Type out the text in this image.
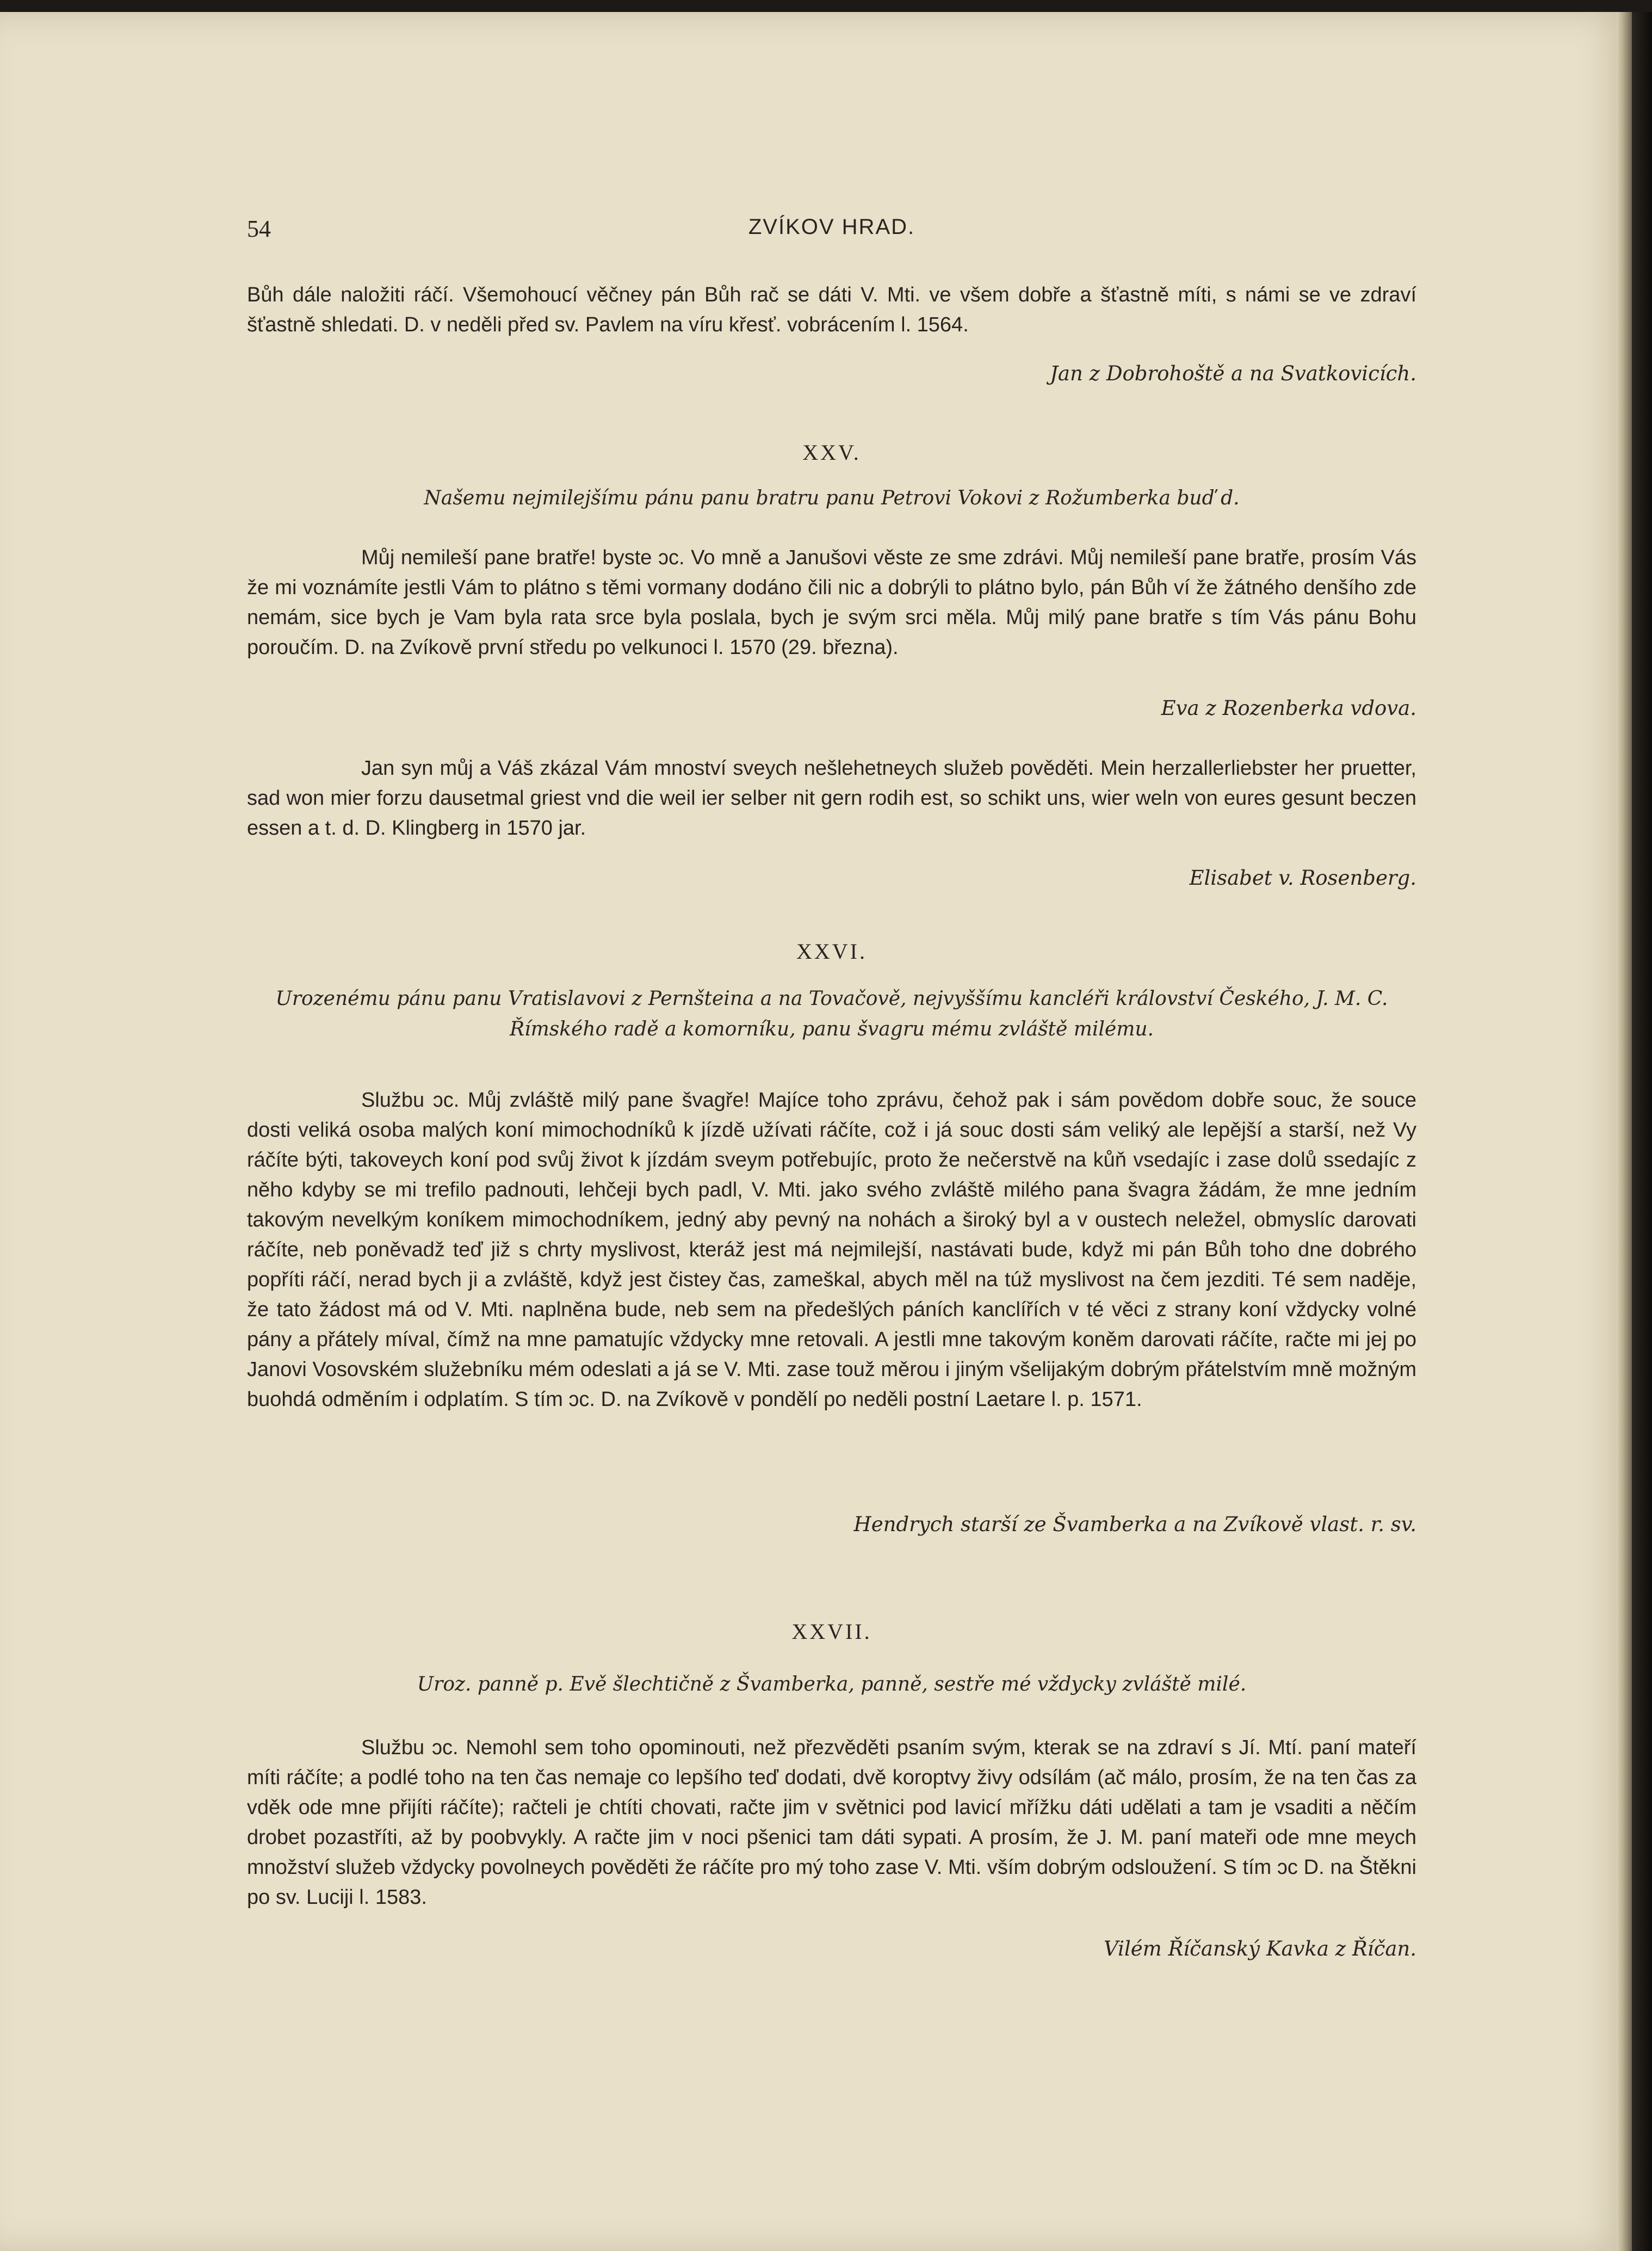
54	ZVÍKOV HRAD.

Bůh dále naložiti ráčí. Všemohoucí věčney pán Bůh rač se dáti V. Mti. ve všem dobře a šťastně míti, s námi se ve zdraví šťastně shledati. D. v neděli před sv. Pavlem na víru křesť. vobrácením l. 1564.

Jan z Dobrohoště a na Svatkovicích.
XXV.

Našemu nejmilejšímu pánu panu bratru panu Petrovi Vokovi z Rožumberka buď d.

Můj nemileší pane bratře! byste ɔc. Vo mně a Janušovi věste ze sme zdrávi. Můj nemileší pane bratře, prosím Vás že mi voznámíte jestli Vám to plátno s těmi vormany dodáno čili nic a dobrýli to plátno bylo, pán Bůh ví že žátného denšího zde nemám, sice bych je Vam byla rata srce byla poslala, bych je svým srci měla. Můj milý pane bratře s tím Vás pánu Bohu poroučím. D. na Zvíkově první středu po velkunoci l. 1570 (29. března).

Eva z Rozenberka vdova.

Jan syn můj a Váš zkázal Vám mnoství sveych nešlehetneych služeb pověděti. Mein herzallerliebster her pruetter, sad won mier forzu dausetmal griest vnd die weil ier selber nit gern rodih est, so schikt uns, wier weln von eures gesunt beczen essen a t. d. D. Klingberg in 1570 jar.

Elisabet v. Rosenberg.
XXVI.

Urozenému pánu panu Vratislavovi z Pernšteina a na Tovačově, nejvyššímu kancléři království Českého, J. M. C. Římského radě a komorníku, panu švagru mému zvláště milému.

Službu ɔc. Můj zvláště milý pane švagře! Majíce toho zprávu, čehož pak i sám povědom dobře souc, že souce dosti veliká osoba malých koní mimochodníků k jízdě užívati ráčíte, což i já souc dosti sám veliký ale lepější a starší, než Vy ráčíte býti, takoveych koní pod svůj život k jízdám sveym potřebujíc, proto že nečerstvě na kůň vsedajíc i zase dolů ssedajíc z něho kdyby se mi trefilo padnouti, lehčeji bych padl, V. Mti. jako svého zvláště milého pana švagra žádám, že mne jedním takovým nevelkým koníkem mimochodníkem, jedný aby pevný na nohách a široký byl a v oustech neležel, obmyslíc darovati ráčíte, neb poněvadž teď již s chrty myslivost, kteráž jest má nejmilejší, nastávati bude, když mi pán Bůh toho dne dobrého popříti ráčí, nerad bych ji a zvláště, když jest čistey čas, zameškal, abych měl na túž myslivost na čem jezditi. Té sem naděje, že tato žádost má od V. Mti. naplněna bude, neb sem na předešlých páních kanclířích v té věci z strany koní vždycky volné pány a přátely míval, čímž na mne pamatujíc vždycky mne retovali. A jestli mne takovým koněm darovati ráčíte, račte mi jej po Janovi Vosovském služebníku mém odeslati a já se V. Mti. zase touž měrou i jiným všelijakým dobrým přátelstvím mně možným buohdá odměním i odplatím. S tím ɔc. D. na Zvíkově v pondělí po neděli postní Laetare l. p. 1571.

Hendrych starší ze Švamberka a na Zvíkově vlast. r. sv.
XXVII.

Uroz. panně p. Evě šlechtičně z Švamberka, panně, sestře mé vždycky zvláště milé.

Službu ɔc. Nemohl sem toho opominouti, než přezvěděti psaním svým, kterak se na zdraví s Jí. Mtí. paní mateří míti ráčíte; a podlé toho na ten čas nemaje co lepšího teď dodati, dvě koroptvy živy odsílám (ač málo, prosím, že na ten čas za vděk ode mne přijíti ráčíte); račteli je chtíti chovati, račte jim v světnici pod lavicí mřížku dáti udělati a tam je vsaditi a něčím drobet pozastříti, až by poobvykly. A račte jim v noci pšenici tam dáti sypati. A prosím, že J. M. paní mateři ode mne meych množství služeb vždycky povolneych pověděti že ráčíte pro mý toho zase V. Mti. vším dobrým odsloužení. S tím ɔc D. na Štěkni po sv. Luciji l. 1583.

Vilém Říčanský Kavka z Říčan.
